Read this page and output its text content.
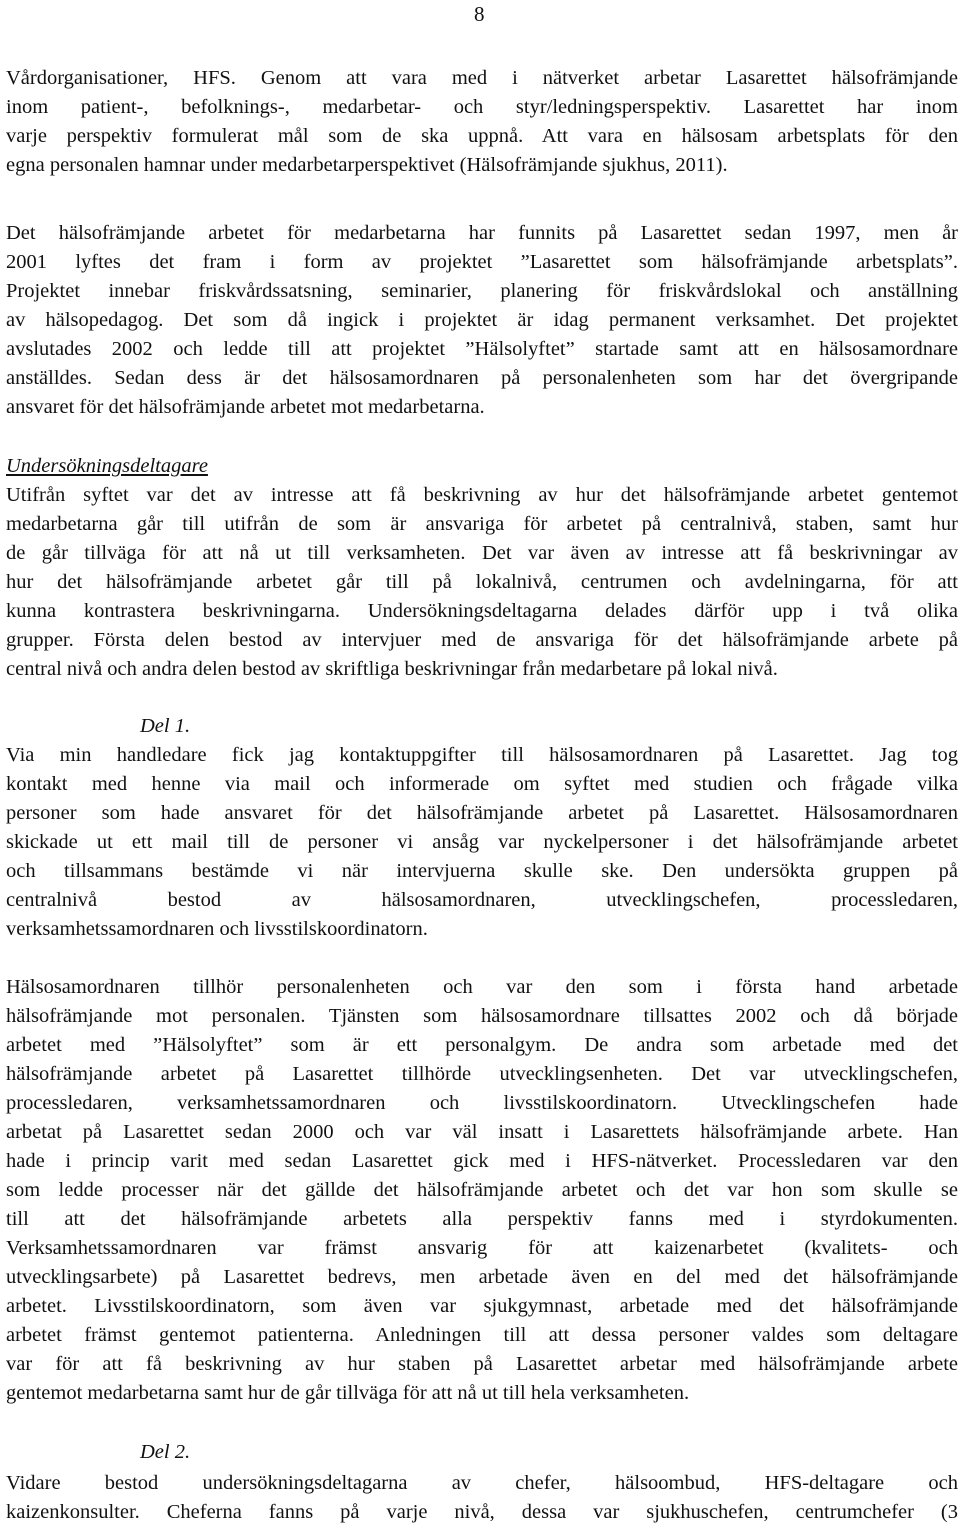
8
Vårdorganisationer, HFS. Genom att vara med i nätverket arbetar Lasarettet hälsofrämjande
inom patient-, befolknings-, medarbetar- och styr/ledningsperspektiv. Lasarettet har inom
varje perspektiv formulerat mål som de ska uppnå. Att vara en hälsosam arbetsplats för den
egna personalen hamnar under medarbetarperspektivet (Hälsofrämjande sjukhus, 2011).
Det hälsofrämjande arbetet för medarbetarna har funnits på Lasarettet sedan 1997, men år
2001 lyftes det fram i form av projektet ”Lasarettet som hälsofrämjande arbetsplats”.
Projektet innebar friskvårdssatsning, seminarier, planering för friskvårdslokal och anställning
av hälsopedagog. Det som då ingick i projektet är idag permanent verksamhet. Det projektet
avslutades 2002 och ledde till att projektet ”Hälsolyftet” startade samt att en hälsosamordnare
anställdes. Sedan dess är det hälsosamordnaren på personalenheten som har det övergripande
ansvaret för det hälsofrämjande arbetet mot medarbetarna.
Undersökningsdeltagare
Utifrån syftet var det av intresse att få beskrivning av hur det hälsofrämjande arbetet gentemot
medarbetarna går till utifrån de som är ansvariga för arbetet på centralnivå, staben, samt hur
de går tillväga för att nå ut till verksamheten. Det var även av intresse att få beskrivningar av
hur det hälsofrämjande arbetet går till på lokalnivå, centrumen och avdelningarna, för att
kunna kontrastera beskrivningarna. Undersökningsdeltagarna delades därför upp i två olika
grupper. Första delen bestod av intervjuer med de ansvariga för det hälsofrämjande arbete på
central nivå och andra delen bestod av skriftliga beskrivningar från medarbetare på lokal nivå.
Del 1.
Via min handledare fick jag kontaktuppgifter till hälsosamordnaren på Lasarettet. Jag tog
kontakt med henne via mail och informerade om syftet med studien och frågade vilka
personer som hade ansvaret för det hälsofrämjande arbetet på Lasarettet. Hälsosamordnaren
skickade ut ett mail till de personer vi ansåg var nyckelpersoner i det hälsofrämjande arbetet
och tillsammans bestämde vi när intervjuerna skulle ske. Den undersökta gruppen på
centralnivå bestod av hälsosamordnaren, utvecklingschefen, processledaren,
verksamhetssamordnaren och livsstilskoordinatorn.
Hälsosamordnaren tillhör personalenheten och var den som i första hand arbetade
hälsofrämjande mot personalen. Tjänsten som hälsosamordnare tillsattes 2002 och då började
arbetet med ”Hälsolyftet” som är ett personalgym. De andra som arbetade med det
hälsofrämjande arbetet på Lasarettet tillhörde utvecklingsenheten. Det var utvecklingschefen,
processledaren, verksamhetssamordnaren och livsstilskoordinatorn. Utvecklingschefen hade
arbetat på Lasarettet sedan 2000 och var väl insatt i Lasarettets hälsofrämjande arbete. Han
hade i princip varit med sedan Lasarettet gick med i HFS-nätverket. Processledaren var den
som ledde processer när det gällde det hälsofrämjande arbetet och det var hon som skulle se
till att det hälsofrämjande arbetets alla perspektiv fanns med i styrdokumenten.
Verksamhetssamordnaren var främst ansvarig för att kaizenarbetet (kvalitets- och
utvecklingsarbete) på Lasarettet bedrevs, men arbetade även en del med det hälsofrämjande
arbetet. Livsstilskoordinatorn, som även var sjukgymnast, arbetade med det hälsofrämjande
arbetet främst gentemot patienterna. Anledningen till att dessa personer valdes som deltagare
var för att få beskrivning av hur staben på Lasarettet arbetar med hälsofrämjande arbete
gentemot medarbetarna samt hur de går tillväga för att nå ut till hela verksamheten.
Del 2.
Vidare bestod undersökningsdeltagarna av chefer, hälsoombud, HFS-deltagare och
kaizenkonsulter. Cheferna fanns på varje nivå, dessa var sjukhuschefen, centrumchefer (3
